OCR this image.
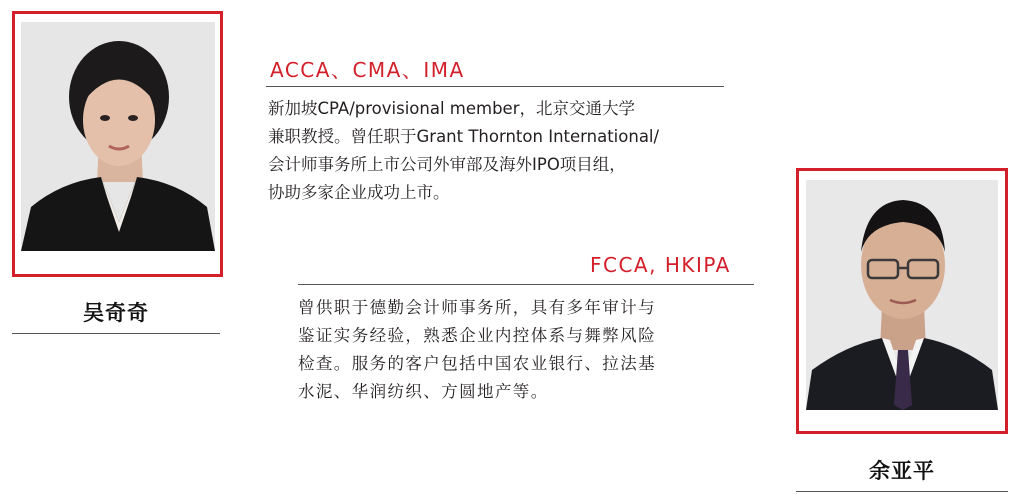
吴奇奇
ACCA、CMA、IMA
新加坡CPA/provisional member，北京交通大学
兼职教授。曾任职于Grant Thornton International/
会计师事务所上市公司外审部及海外IPO项目组，
协助多家企业成功上市。
FCCA, HKIPA
曾供职于德勤会计师事务所，具有多年审计与
鉴证实务经验，熟悉企业内控体系与舞弊风险
检查。服务的客户包括中国农业银行、拉法基
水泥、华润纺织、方圆地产等。
余亚平
